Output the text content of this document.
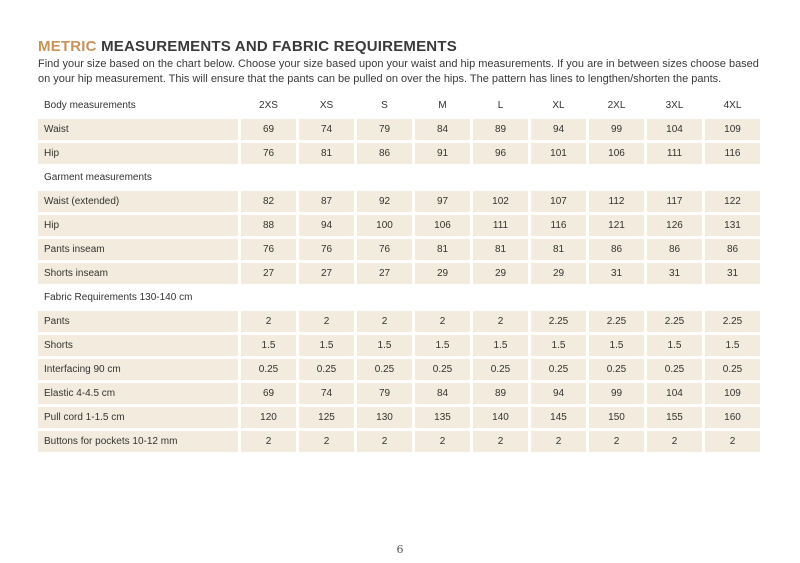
METRIC MEASUREMENTS AND FABRIC REQUIREMENTS

Find your size based on the chart below. Choose your size based upon your waist and hip measurements. If you are in between sizes choose based on your hip measurement. This will ensure that the pants can be pulled on over the hips. The pattern has lines to lengthen/shorten the pants.

Body measurements	2XS	XS	S	M	L	XL	2XL	3XL	4XL
Waist	69	74	79	84	89	94	99	104	109
Hip	76	81	86	91	96	101	106	111	116
Garment measurements									
Waist (extended)	82	87	92	97	102	107	112	117	122
Hip	88	94	100	106	111	116	121	126	131
Pants inseam	76	76	76	81	81	81	86	86	86
Shorts inseam	27	27	27	29	29	29	31	31	31
Fabric Requirements 130-140 cm									
Pants	2	2	2	2	2	2.25	2.25	2.25	2.25
Shorts	1.5	1.5	1.5	1.5	1.5	1.5	1.5	1.5	1.5
Interfacing 90 cm	0.25	0.25	0.25	0.25	0.25	0.25	0.25	0.25	0.25
Elastic 4-4.5 cm	69	74	79	84	89	94	99	104	109
Pull cord 1-1.5 cm	120	125	130	135	140	145	150	155	160
Buttons for pockets 10-12 mm	2	2	2	2	2	2	2	2	2
6
